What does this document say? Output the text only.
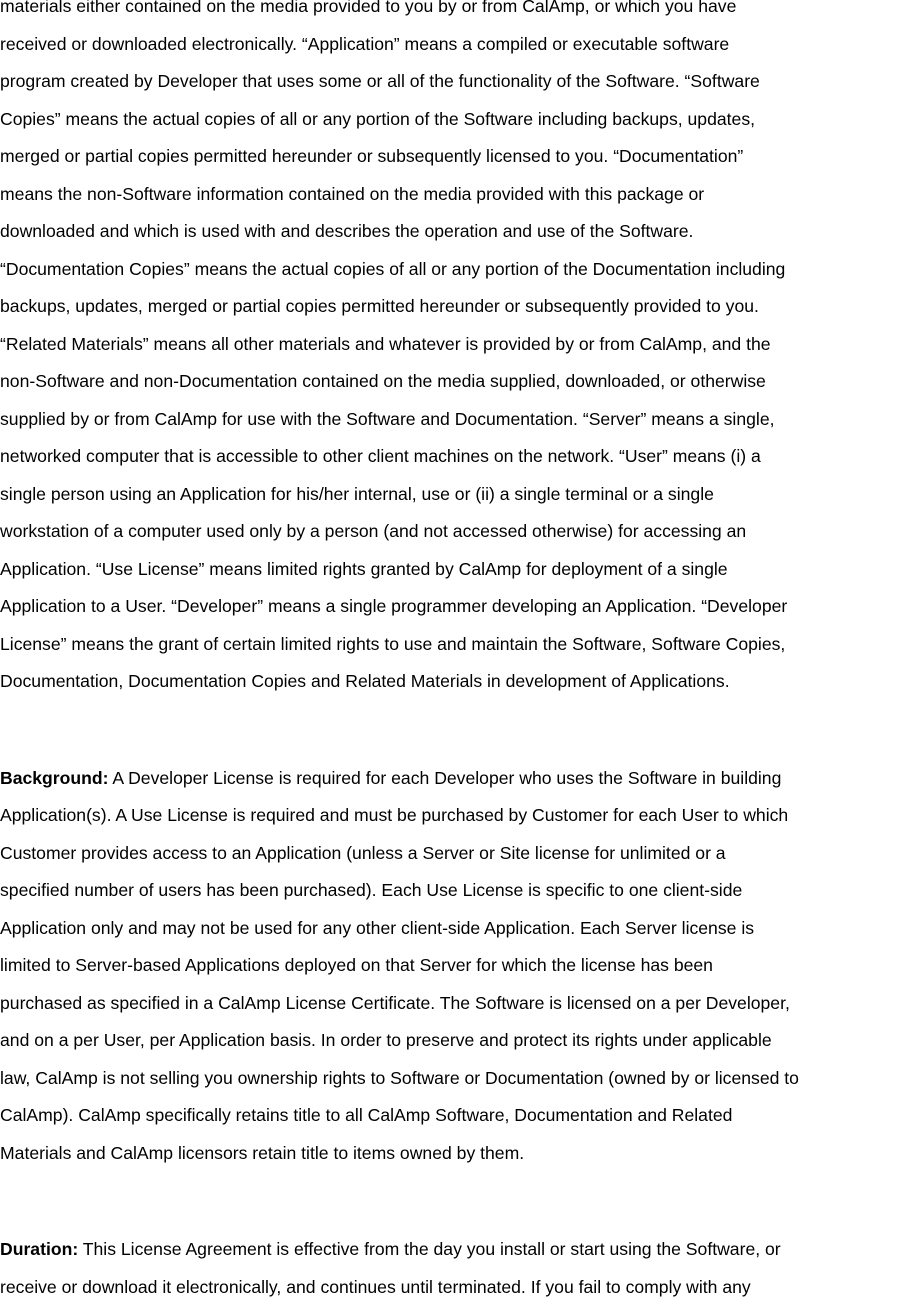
materials either contained on the media provided to you by or from CalAmp, or which you have
received or downloaded electronically. “Application” means a compiled or executable software
program created by Developer that uses some or all of the functionality of the Software. “Software
Copies” means the actual copies of all or any portion of the Software including backups, updates,
merged or partial copies permitted hereunder or subsequently licensed to you. “Documentation”
means the non-Software information contained on the media provided with this package or
downloaded and which is used with and describes the operation and use of the Software.
“Documentation Copies” means the actual copies of all or any portion of the Documentation including
backups, updates, merged or partial copies permitted hereunder or subsequently provided to you.
“Related Materials” means all other materials and whatever is provided by or from CalAmp, and the
non-Software and non-Documentation contained on the media supplied, downloaded, or otherwise
supplied by or from CalAmp for use with the Software and Documentation. “Server” means a single,
networked computer that is accessible to other client machines on the network. “User” means (i) a
single person using an Application for his/her internal, use or (ii) a single terminal or a single
workstation of a computer used only by a person (and not accessed otherwise) for accessing an
Application. “Use License” means limited rights granted by CalAmp for deployment of a single
Application to a User. “Developer” means a single programmer developing an Application. “Developer
License” means the grant of certain limited rights to use and maintain the Software, Software Copies,
Documentation, Documentation Copies and Related Materials in development of Applications.
Background: A Developer License is required for each Developer who uses the Software in building
Application(s). A Use License is required and must be purchased by Customer for each User to which
Customer provides access to an Application (unless a Server or Site license for unlimited or a
specified number of users has been purchased). Each Use License is specific to one client-side
Application only and may not be used for any other client-side Application. Each Server license is
limited to Server-based Applications deployed on that Server for which the license has been
purchased as specified in a CalAmp License Certificate. The Software is licensed on a per Developer,
and on a per User, per Application basis. In order to preserve and protect its rights under applicable
law, CalAmp is not selling you ownership rights to Software or Documentation (owned by or licensed to
CalAmp). CalAmp specifically retains title to all CalAmp Software, Documentation and Related
Materials and CalAmp licensors retain title to items owned by them.
Duration: This License Agreement is effective from the day you install or start using the Software, or
receive or download it electronically, and continues until terminated. If you fail to comply with any
